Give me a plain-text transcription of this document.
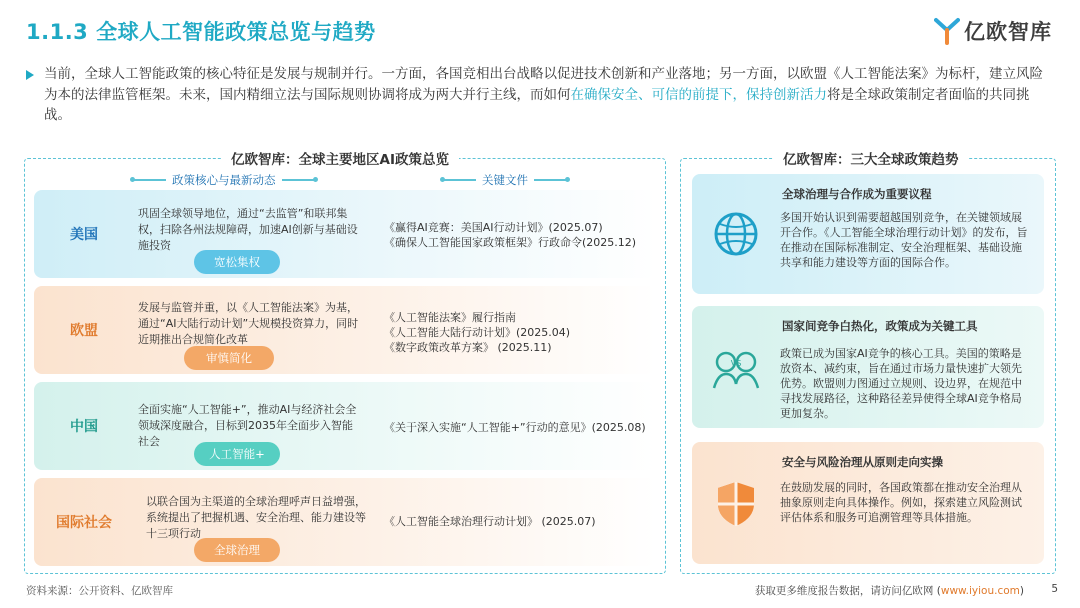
1.1.3 全球人工智能政策总览与趋势	亿欧智库
当前，全球人工智能政策的核心特征是发展与规制并行。一方面，各国竞相出台战略以促进技术创新和产业落地；另一方面，以欧盟《人工智能法案》为标杆，建立风险为本的法律监管框架。未来，国内精细立法与国际规则协调将成为两大并行主线，而如何在确保安全、可信的前提下，保持创新活力将是全球政策制定者面临的共同挑战。
亿欧智库：全球主要地区AI政策总览
政策核心与最新动态	关键文件
美国
巩固全球领导地位，通过“去监管”和联邦集权，扫除各州法规障碍，加速AI创新与基础设施投资
宽松集权
《赢得AI竞赛：美国AI行动计划》(2025.07)
《确保人工智能国家政策框架》行政命令(2025.12)
欧盟
发展与监管并重，以《人工智能法案》为基，通过“AI大陆行动计划”大规模投资算力，同时近期推出合规简化改革
审慎简化
《人工智能法案》履行指南
《人工智能大陆行动计划》(2025.04)
《数字政策改革方案》 (2025.11)
中国
全面实施“人工智能+”，推动AI与经济社会全领域深度融合，目标到2035年全面步入智能社会
人工智能+
《关于深入实施“人工智能+”行动的意见》(2025.08)
国际社会
以联合国为主渠道的全球治理呼声日益增强，系统提出了把握机遇、安全治理、能力建设等十三项行动
全球治理
《人工智能全球治理行动计划》 (2025.07)
亿欧智库：三大全球政策趋势
全球治理与合作成为重要议程
多国开始认识到需要超越国别竞争，在关键领域展开合作。《人工智能全球治理行动计划》的发布，旨在推动在国际标准制定、安全治理框架、基础设施共享和能力建设等方面的国际合作。
VS
国家间竞争白热化，政策成为关键工具
政策已成为国家AI竞争的核心工具。美国的策略是放资本、减约束，旨在通过市场力量快速扩大领先优势。欧盟则力图通过立规则、设边界，在规范中寻找发展路径，这种路径差异使得全球AI竞争格局更加复杂。
安全与风险治理从原则走向实操
在鼓励发展的同时，各国政策都在推动安全治理从抽象原则走向具体操作。例如，探索建立风险测试评估体系和服务可追溯管理等具体措施。
资料来源：公开资料、亿欧智库	获取更多维度报告数据，请访问亿欧网 (www.iyiou.com)	5
